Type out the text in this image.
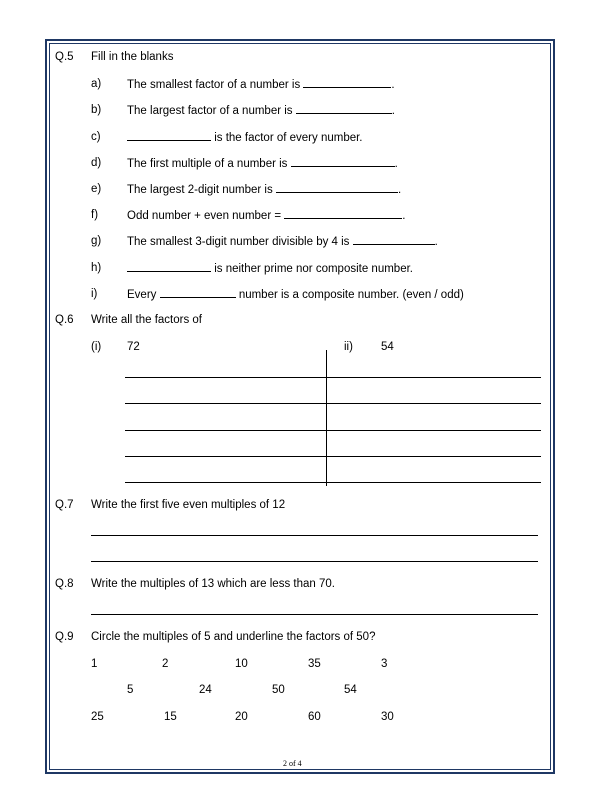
Q.5 Fill in the blanks
a) The smallest factor of a number is	.
b) The largest factor of a number is	.
c)	is the factor of every number.
d) The first multiple of a number is	.
e) The largest 2-digit number is	.
f)	Odd number + even number =	.
g) The smallest 3-digit number divisible by 4 is	.
h)	is neither prime nor composite number.
i)	Every	number is a composite number. (even / odd)
Q.6 Write all the factors of
(i) 72	ii) 54
Q.7 Write the first five even multiples of 12
Q.8 Write the multiples of 13 which are less than 70.
Q.9 Circle the multiples of 5 and underline the factors of 50?
1	2	10	35	3
5	24	50	54
25	15	20	60	30
2 of 4
